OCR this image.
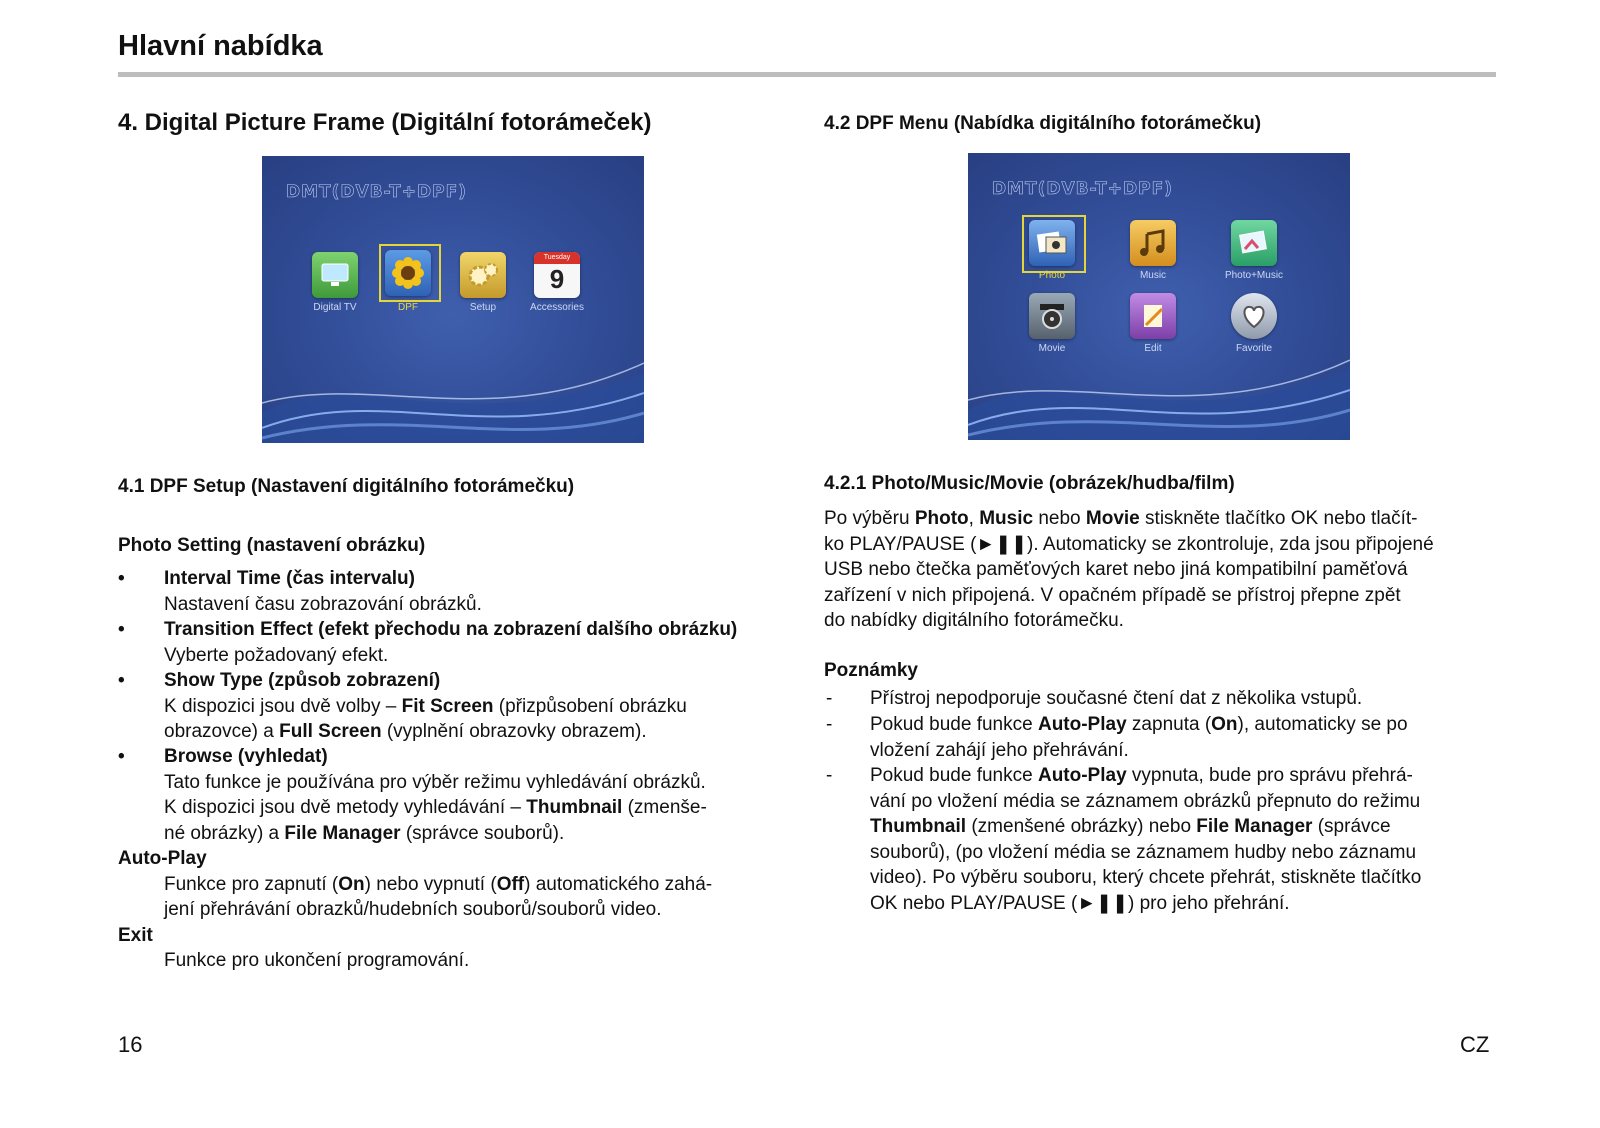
Hlavní nabídka
4. Digital Picture Frame (Digitální fotorámeček)	4.2 DPF Menu (Nabídka digitálního fotorámečku)
DMT(DVB-T+DPF)
Tuesday
9
Digital TV	DPF	Setup	Accessories
DMT(DVB-T+DPF)
Photo	Music	Photo+Music
Movie	Edit	Favorite
4.1 DPF Setup (Nastavení digitálního fotorámečku)
Photo Setting (nastavení obrázku)
• Interval Time (čas intervalu)
Nastavení času zobrazování obrázků.
• Transition Effect (efekt přechodu na zobrazení dalšího obrázku)
Vyberte požadovaný efekt.
• Show Type (způsob zobrazení)
K dispozici jsou dvě volby – Fit Screen (přizpůsobení obrázku
obrazovce) a Full Screen (vyplnění obrazovky obrazem).
• Browse (vyhledat)
Tato funkce je používána pro výběr režimu vyhledávání obrázků.
K dispozici jsou dvě metody vyhledávání – Thumbnail (zmenše-
né obrázky) a File Manager (správce souborů).
Auto-Play
Funkce pro zapnutí (On) nebo vypnutí (Off) automatického zahá-
jení přehrávání obrazků/hudebních souborů/souborů video.
Exit
Funkce pro ukončení programování.
4.2.1 Photo/Music/Movie (obrázek/hudba/film)
Po výběru Photo, Music nebo Movie stiskněte tlačítko OK nebo tlačít-
ko PLAY/PAUSE (►❚❚). Automaticky se zkontroluje, zda jsou připojené
USB nebo čtečka paměťových karet nebo jiná kompatibilní paměťová
zařízení v nich připojená. V opačném případě se přístroj přepne zpět
do nabídky digitálního fotorámečku.
Poznámky
- Přístroj nepodporuje současné čtení dat z několika vstupů.
- Pokud bude funkce Auto-Play zapnuta (On), automaticky se po
vložení zahájí jeho přehrávání.
- Pokud bude funkce Auto-Play vypnuta, bude pro správu přehrá-
vání po vložení média se záznamem obrázků přepnuto do režimu
Thumbnail (zmenšené obrázky) nebo File Manager (správce
souborů), (po vložení média se záznamem hudby nebo záznamu
video). Po výběru souboru, který chcete přehrát, stiskněte tlačítko
OK nebo PLAY/PAUSE (►❚❚) pro jeho přehrání.
16	CZ
